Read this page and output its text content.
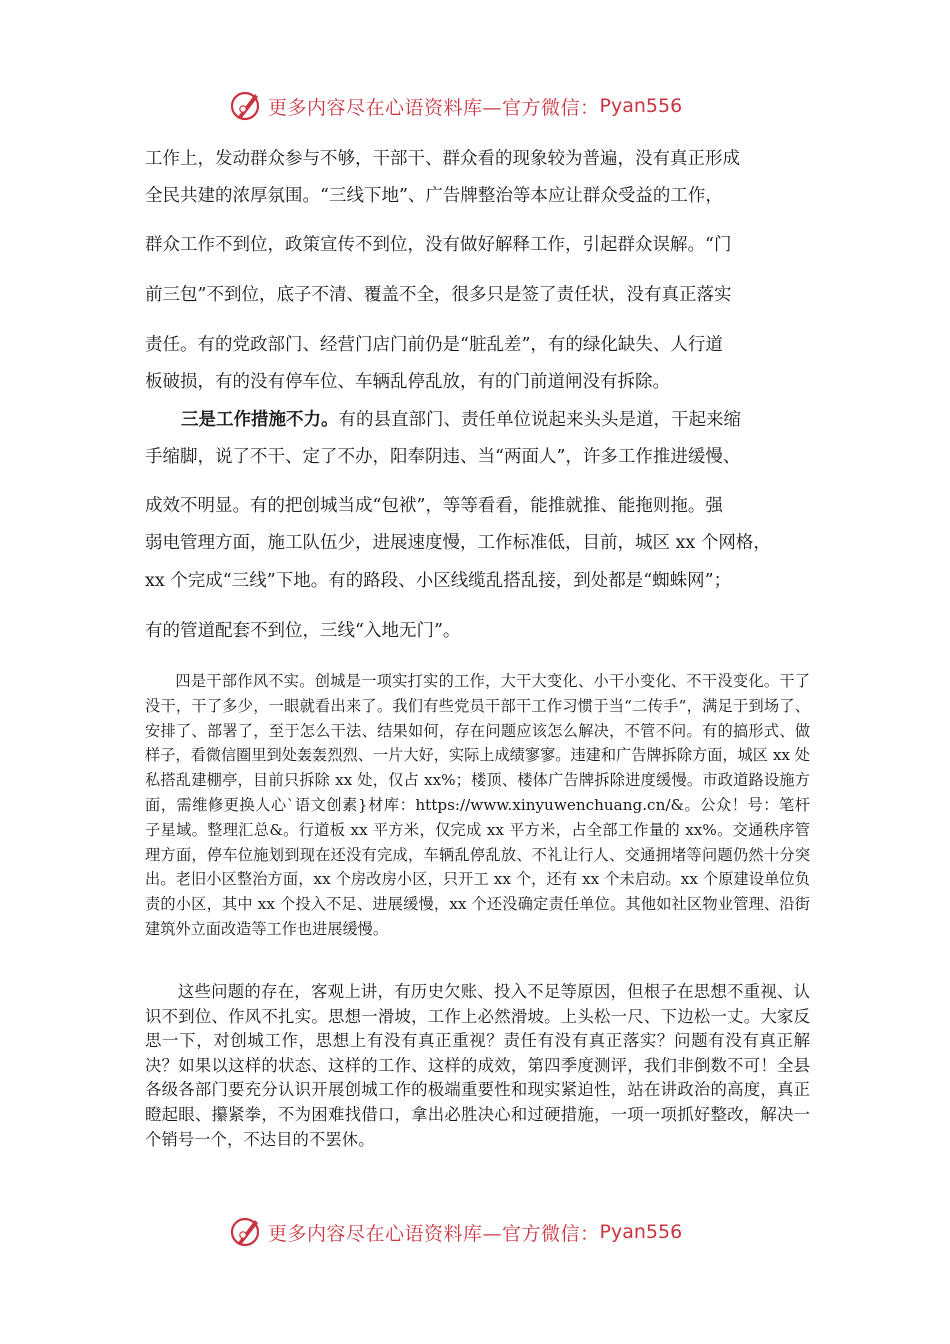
更多内容尽在心语资料库—官方微信： Pyan556
工作上，发动群众参与不够，干部干、群众看的现象较为普遍，没有真正形成
全民共建的浓厚氛围。“三线下地”、广告牌整治等本应让群众受益的工作，
群众工作不到位，政策宣传不到位，没有做好解释工作，引起群众误解。“门
前三包”不到位，底子不清、覆盖不全，很多只是签了责任状，没有真正落实
责任。有的党政部门、经营门店门前仍是“脏乱差”，有的绿化缺失、人行道
板破损，有的没有停车位、车辆乱停乱放，有的门前道闸没有拆除。
三是工作措施不力。有的县直部门、责任单位说起来头头是道，干起来缩
手缩脚，说了不干、定了不办，阳奉阴违、当“两面人”，许多工作推进缓慢、
成效不明显。有的把创城当成“包袱”，等等看看，能推就推、能拖则拖。强
弱电管理方面，施工队伍少，进展速度慢，工作标准低，目前，城区 xx 个网格，
xx 个完成“三线”下地。有的路段、小区线缆乱搭乱接，到处都是“蜘蛛网”；
有的管道配套不到位，三线“入地无门”。

四是干部作风不实。创城是一项实打实的工作，大干大变化、小干小变化、不干没变化。干了没干，干了多少，一眼就看出来了。我们有些党员干部干工作习惯于当“二传手”，满足于到场了、安排了、部署了，至于怎么干法、结果如何，存在问题应该怎么解决，不管不问。有的搞形式、做样子，看微信圈里到处轰轰烈烈、一片大好，实际上成绩寥寥。违建和广告牌拆除方面，城区 xx 处私搭乱建棚亭，目前只拆除 xx 处，仅占 xx%；楼顶、楼体广告牌拆除进度缓慢。市政道路设施方面，需维修更换人心`语文创素}材库：https://www.xinyuwenchuang.cn/&。公众！号：笔杆子星域。整理汇总&。行道板 xx 平方米，仅完成 xx 平方米，占全部工作量的 xx%。交通秩序管理方面，停车位施划到现在还没有完成，车辆乱停乱放、不礼让行人、交通拥堵等问题仍然十分突出。老旧小区整治方面，xx 个房改房小区，只开工 xx 个，还有 xx 个未启动。xx 个原建设单位负责的小区，其中 xx 个投入不足、进展缓慢，xx 个还没确定责任单位。其他如社区物业管理、沿街建筑外立面改造等工作也进展缓慢。

这些问题的存在，客观上讲，有历史欠账、投入不足等原因，但根子在思想不重视、认识不到位、作风不扎实。思想一滑坡，工作上必然滑坡。上头松一尺、下边松一丈。大家反思一下，对创城工作，思想上有没有真正重视？责任有没有真正落实？问题有没有真正解决？如果以这样的状态、这样的工作、这样的成效，第四季度测评，我们非倒数不可！全县各级各部门要充分认识开展创城工作的极端重要性和现实紧迫性，站在讲政治的高度，真正瞪起眼、攥紧拳，不为困难找借口，拿出必胜决心和过硬措施，一项一项抓好整改，解决一个销号一个，不达目的不罢休。

更多内容尽在心语资料库—官方微信： Pyan556
